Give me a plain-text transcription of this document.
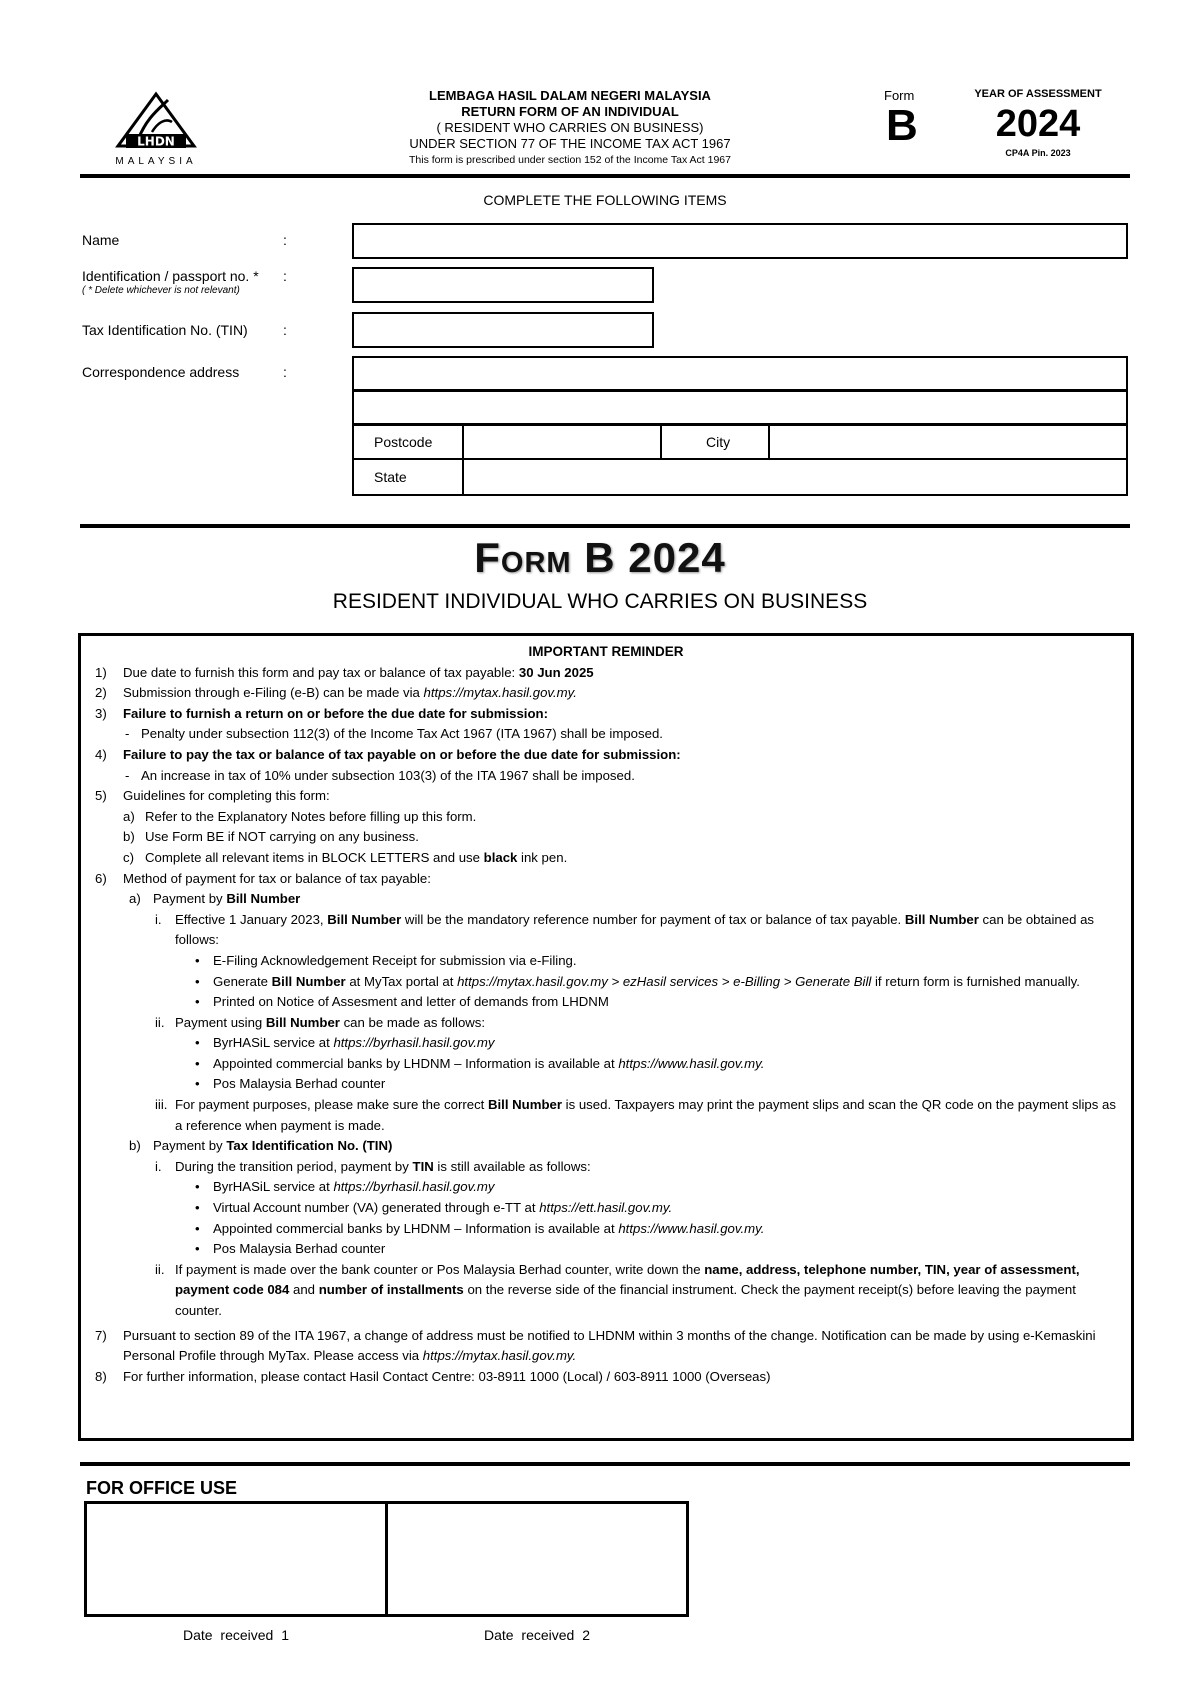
LHDN
MALAYSIA
LEMBAGA HASIL DALAM NEGERI MALAYSIA
RETURN FORM OF AN INDIVIDUAL
( RESIDENT WHO CARRIES ON BUSINESS)
UNDER SECTION 77 OF THE INCOME TAX ACT 1967
This form is prescribed under section 152 of the Income Tax Act 1967
Form
B
YEAR OF ASSESSMENT
2024
CP4A Pin. 2023
COMPLETE THE FOLLOWING ITEMS
Name	:
Identification / passport no. *
( * Delete whichever is not relevant)
:
Tax Identification No. (TIN)	:
Correspondence address	:
Postcode	City
State
Form B 2024
RESIDENT INDIVIDUAL WHO CARRIES ON BUSINESS
IMPORTANT REMINDER
1) Due date to furnish this form and pay tax or balance of tax payable: 30 Jun 2025
2) Submission through e-Filing (e-B) can be made via https://mytax.hasil.gov.my.
3) Failure to furnish a return on or before the due date for submission:
- Penalty under subsection 112(3) of the Income Tax Act 1967 (ITA 1967) shall be imposed.
4) Failure to pay the tax or balance of tax payable on or before the due date for submission:
- An increase in tax of 10% under subsection 103(3) of the ITA 1967 shall be imposed.
5) Guidelines for completing this form:
a) Refer to the Explanatory Notes before filling up this form.
b) Use Form BE if NOT carrying on any business.
c) Complete all relevant items in BLOCK LETTERS and use black ink pen.
6) Method of payment for tax or balance of tax payable:
a) Payment by Bill Number
i. Effective 1 January 2023, Bill Number will be the mandatory reference number for payment of tax or balance of tax payable. Bill Number can be obtained as follows:
• E-Filing Acknowledgement Receipt for submission via e-Filing.
• Generate Bill Number at MyTax portal at https://mytax.hasil.gov.my > ezHasil services > e-Billing > Generate Bill if return form is furnished manually.
• Printed on Notice of Assesment and letter of demands from LHDNM
ii. Payment using Bill Number can be made as follows:
• ByrHASiL service at https://byrhasil.hasil.gov.my
• Appointed commercial banks by LHDNM – Information is available at https://www.hasil.gov.my.
• Pos Malaysia Berhad counter
iii. For payment purposes, please make sure the correct Bill Number is used. Taxpayers may print the payment slips and scan the QR code on the payment slips as a reference when payment is made.
b) Payment by Tax Identification No. (TIN)
i. During the transition period, payment by TIN is still available as follows:
• ByrHASiL service at https://byrhasil.hasil.gov.my
• Virtual Account number (VA) generated through e-TT at https://ett.hasil.gov.my.
• Appointed commercial banks by LHDNM – Information is available at https://www.hasil.gov.my.
• Pos Malaysia Berhad counter
ii. If payment is made over the bank counter or Pos Malaysia Berhad counter, write down the name, address, telephone number, TIN, year of assessment, payment code 084 and number of installments on the reverse side of the financial instrument. Check the payment receipt(s) before leaving the payment counter.
7) Pursuant to section 89 of the ITA 1967, a change of address must be notified to LHDNM within 3 months of the change. Notification can be made by using e-Kemaskini Personal Profile through MyTax. Please access via https://mytax.hasil.gov.my.
8) For further information, please contact Hasil Contact Centre: 03-8911 1000 (Local) / 603-8911 1000 (Overseas)
FOR OFFICE USE
Date received 1	Date received 2
